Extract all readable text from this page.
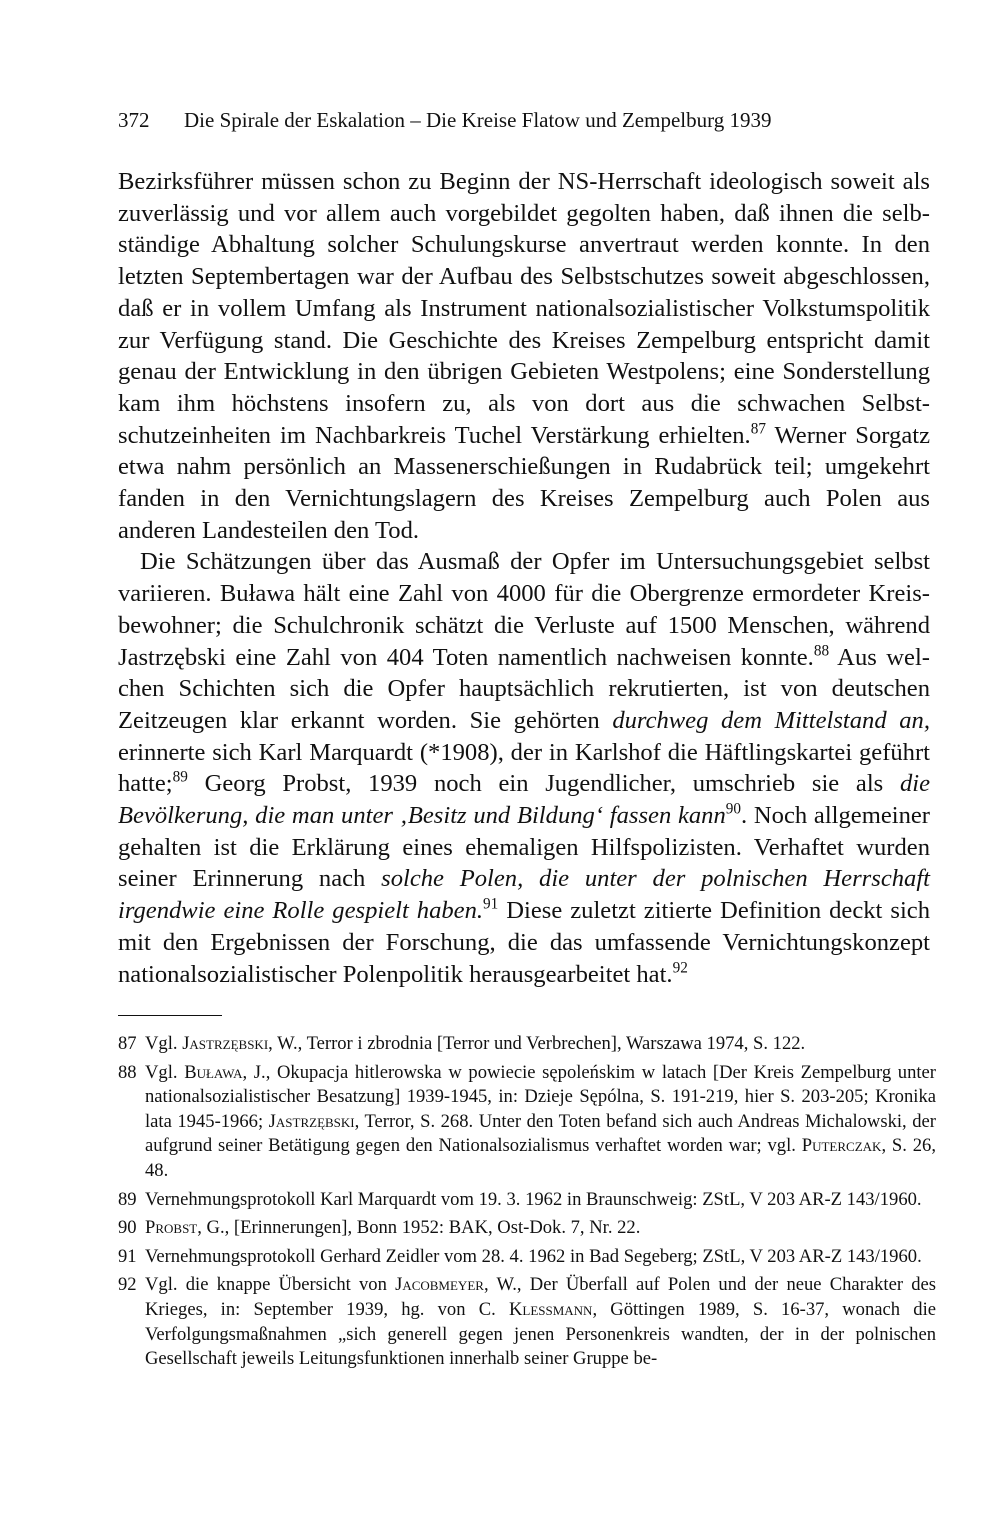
372 Die Spirale der Eskalation – Die Kreise Flatow und Zempelburg 1939

Bezirksführer müssen schon zu Beginn der NS-Herrschaft ideologisch soweit als zuverlässig und vor allem auch vorgebildet gegolten haben, daß ihnen die selbständige Abhaltung solcher Schulungskurse anvertraut werden konnte. In den letzten Septembertagen war der Aufbau des Selbstschutzes soweit abgeschlossen, daß er in vollem Umfang als Instrument nationalsozialistischer Volkstumspolitik zur Verfügung stand. Die Geschichte des Kreises Zempelburg entspricht damit genau der Entwicklung in den übrigen Gebieten Westpolens; eine Sonderstellung kam ihm höchstens insofern zu, als von dort aus die schwachen Selbstschutzeinheiten im Nachbarkreis Tuchel Verstärkung erhielten.$^{87}$ Werner Sorgatz etwa nahm persönlich an Massenerschießungen in Rudabrück teil; umgekehrt fanden in den Vernichtungslagern des Kreises Zempelburg auch Polen aus anderen Landesteilen den Tod.

Die Schätzungen über das Ausmaß der Opfer im Untersuchungsgebiet selbst variieren. Buława hält eine Zahl von 4000 für die Obergrenze ermordeter Kreisbewohner; die Schulchronik schätzt die Verluste auf 1500 Menschen, während Jastrzębski eine Zahl von 404 Toten namentlich nachweisen konnte.$^{88}$ Aus welchen Schichten sich die Opfer hauptsächlich rekrutierten, ist von deutschen Zeitzeugen klar erkannt worden. Sie gehörten durchweg dem Mittelstand an, erinnerte sich Karl Marquardt (*1908), der in Karlshof die Häftlingskartei geführt hatte;$^{89}$ Georg Probst, 1939 noch ein Jugendlicher, umschrieb sie als die Bevölkerung, die man unter ‚Besitz und Bildung‘ fassen kann$^{90}$. Noch allgemeiner gehalten ist die Erklärung eines ehemaligen Hilfspolizisten. Verhaftet wurden seiner Erinnerung nach solche Polen, die unter der polnischen Herrschaft irgendwie eine Rolle gespielt haben.$^{91}$ Diese zuletzt zitierte Definition deckt sich mit den Ergebnissen der Forschung, die das umfassende Vernichtungskonzept nationalsozialistischer Polenpolitik herausgearbeitet hat.$^{92}$

87 Vgl. Jastrzębski, W., Terror i zbrodnia [Terror und Verbrechen], Warszawa 1974, S. 122.
88 Vgl. Buława, J., Okupacja hitlerowska w powiecie sępoleńskim w latach [Der Kreis Zempelburg unter nationalsozialistischer Besatzung] 1939-1945, in: Dzieje Sępólna, S. 191-219, hier S. 203-205; Kronika lata 1945-1966; Jastrzębski, Terror, S. 268. Unter den Toten befand sich auch Andreas Michalowski, der aufgrund seiner Betätigung gegen den Nationalsozialismus verhaftet worden war; vgl. Puterczak, S. 26, 48.
89 Vernehmungsprotokoll Karl Marquardt vom 19. 3. 1962 in Braunschweig: ZStL, V 203 AR-Z 143/1960.
90 Probst, G., [Erinnerungen], Bonn 1952: BAK, Ost-Dok. 7, Nr. 22.
91 Vernehmungsprotokoll Gerhard Zeidler vom 28. 4. 1962 in Bad Segeberg; ZStL, V 203 AR-Z 143/1960.
92 Vgl. die knappe Übersicht von Jacobmeyer, W., Der Überfall auf Polen und der neue Charakter des Krieges, in: September 1939, hg. von C. Klessmann, Göttingen 1989, S. 16-37, wonach die Verfolgungsmaßnahmen „sich generell gegen jenen Personenkreis wandten, der in der polnischen Gesellschaft jeweils Leitungsfunktionen innerhalb seiner Gruppe be-
